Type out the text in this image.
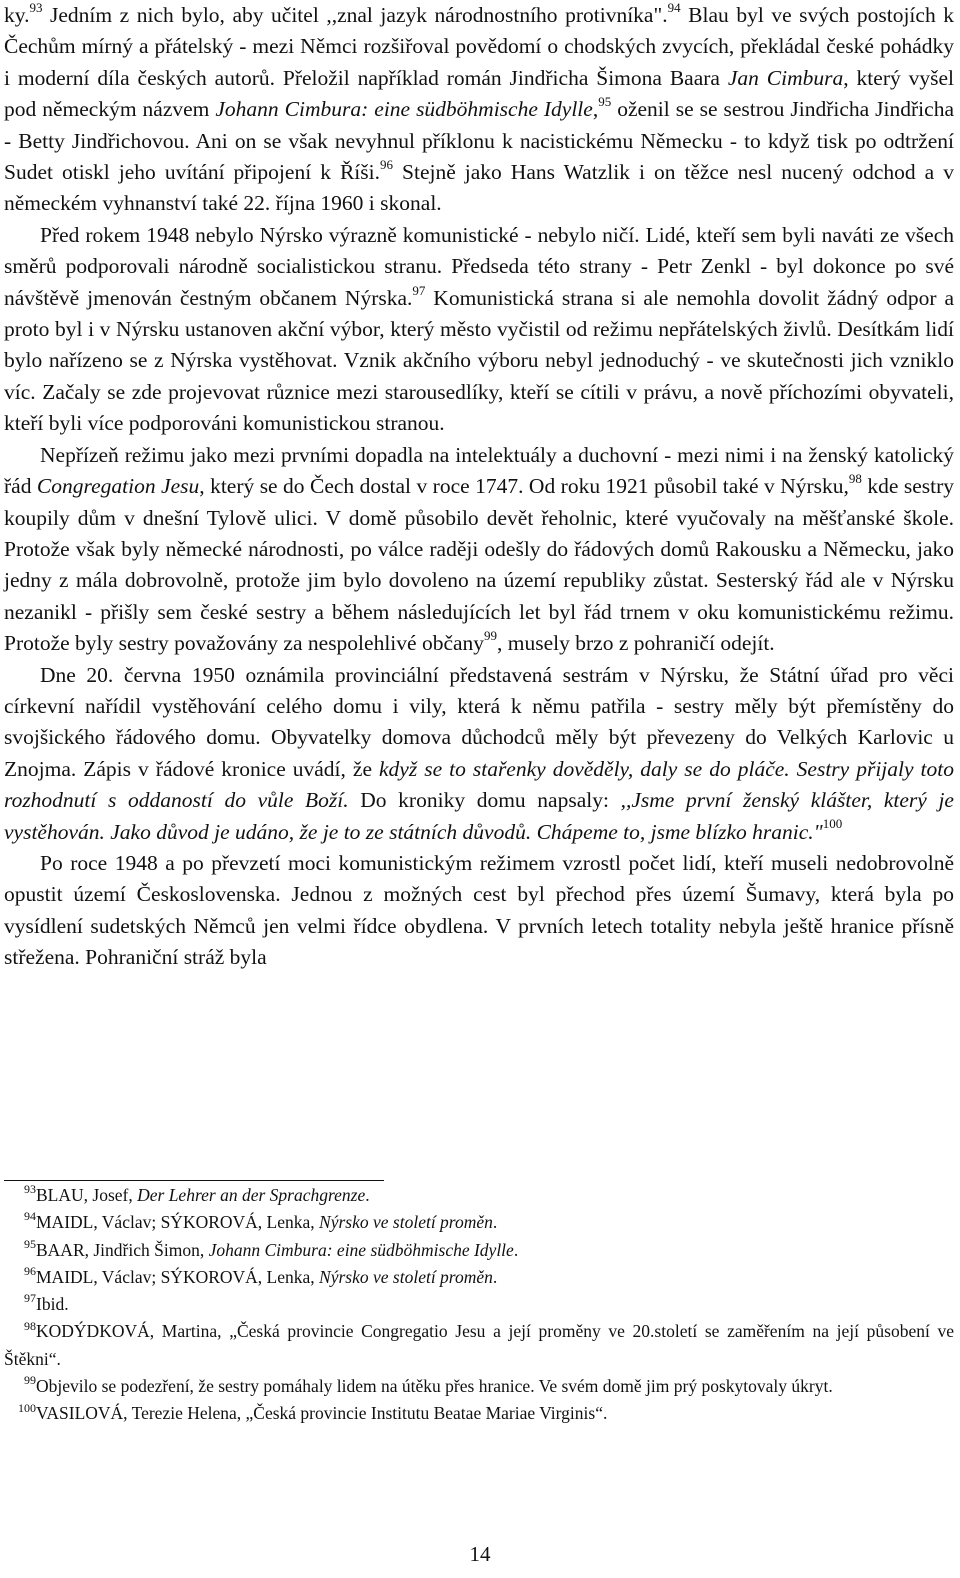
ky.$^{93}$ Jedním z nich bylo, aby učitel ,,znal jazyk národnostního protivníka".$^{94}$ Blau byl ve svých postojích k Čechům mírný a přátelský - mezi Němci rozšiřoval povědomí o chodských zvycích, překládal české pohádky i moderní díla českých autorů. Přeložil například román Jindřicha Šimona Baara Jan Cimbura, který vyšel pod německým názvem Johann Cimbura: eine südböhmische Idylle,$^{95}$ oženil se se sestrou Jindřicha Jindřicha - Betty Jindřichovou. Ani on se však nevyhnul příklonu k nacistickému Německu - to když tisk po odtržení Sudet otiskl jeho uvítání připojení k Říši.$^{96}$ Stejně jako Hans Watzlik i on těžce nesl nucený odchod a v německém vyhnanství také 22. října 1960 i skonal.

Před rokem 1948 nebylo Nýrsko výrazně komunistické - nebylo ničí. Lidé, kteří sem byli naváti ze všech směrů podporovali národně socialistickou stranu. Předseda této strany - Petr Zenkl - byl dokonce po své návštěvě jmenován čestným občanem Nýrska.$^{97}$ Komunistická strana si ale nemohla dovolit žádný odpor a proto byl i v Nýrsku ustanoven akční výbor, který město vyčistil od režimu nepřátelských živlů. Desítkám lidí bylo nařízeno se z Nýrska vystěhovat. Vznik akčního výboru nebyl jednoduchý - ve skutečnosti jich vzniklo víc. Začaly se zde projevovat různice mezi starousedlíky, kteří se cítili v právu, a nově příchozími obyvateli, kteří byli více podporováni komunistickou stranou.

Nepřízeň režimu jako mezi prvními dopadla na intelektuály a duchovní - mezi nimi i na ženský katolický řád Congregation Jesu, který se do Čech dostal v roce 1747. Od roku 1921 působil také v Nýrsku,$^{98}$ kde sestry koupily dům v dnešní Tylově ulici. V domě působilo devět řeholnic, které vyučovaly na měšťanské škole. Protože však byly německé národnosti, po válce raději odešly do řádových domů Rakousku a Německu, jako jedny z mála dobrovolně, protože jim bylo dovoleno na území republiky zůstat. Sesterský řád ale v Nýrsku nezanikl - přišly sem české sestry a během následujících let byl řád trnem v oku komunistickému režimu. Protože byly sestry považovány za nespolehlivé občany$^{99}$, musely brzo z pohraničí odejít.

Dne 20. června 1950 oznámila provinciální představená sestrám v Nýrsku, že Státní úřad pro věci církevní nařídil vystěhování celého domu i vily, která k němu patřila - sestry měly být přemístěny do svojšického řádového domu. Obyvatelky domova důchodců měly být převezeny do Velkých Karlovic u Znojma. Zápis v řádové kronice uvádí, že když se to stařenky dověděly, daly se do pláče. Sestry přijaly toto rozhodnutí s oddaností do vůle Boží. Do kroniky domu napsaly: ,,Jsme první ženský klášter, který je vystěhován. Jako důvod je udáno, že je to ze státních důvodů. Chápeme to, jsme blízko hranic."$^{100}$

Po roce 1948 a po převzetí moci komunistickým režimem vzrostl počet lidí, kteří museli nedobrovolně opustit území Československa. Jednou z možných cest byl přechod přes území Šumavy, která byla po vysídlení sudetských Němců jen velmi řídce obydlena. V prvních letech totality nebyla ještě hranice přísně střežena. Pohraniční stráž byla

$^{93}$BLAU, Josef, Der Lehrer an der Sprachgrenze.

$^{94}$MAIDL, Václav; SÝKOROVÁ, Lenka, Nýrsko ve století proměn.

$^{95}$BAAR, Jindřich Šimon, Johann Cimbura: eine südböhmische Idylle.

$^{96}$MAIDL, Václav; SÝKOROVÁ, Lenka, Nýrsko ve století proměn.

$^{97}$Ibid.

$^{98}$KODÝDKOVÁ, Martina, „Česká provincie Congregatio Jesu a její proměny ve 20.století se zaměřením na její působení ve Štěkni“.

$^{99}$Objevilo se podezření, že sestry pomáhaly lidem na útěku přes hranice. Ve svém domě jim prý poskytovaly úkryt.

$^{100}$VASILOVÁ, Terezie Helena, „Česká provincie Institutu Beatae Mariae Virginis“.

14
